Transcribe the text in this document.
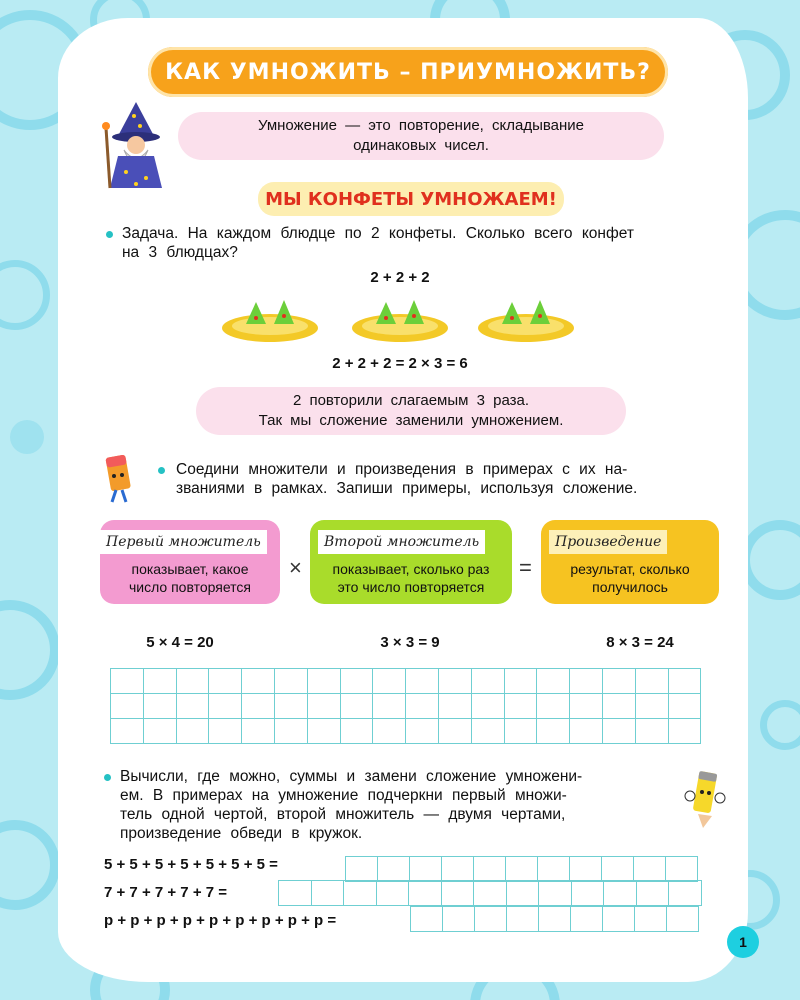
КАК УМНОЖИТЬ – ПРИУМНОЖИТЬ?
Умножение — это повторение, складывание
одинаковых чисел.
МЫ КОНФЕТЫ УМНОЖАЕМ!
Задача. На каждом блюдце по 2 конфеты. Сколько всего конфет
на 3 блюдцах?
2 + 2 + 2
2 + 2 + 2 = 2 × 3 = 6
2 повторили слагаемым 3 раза.
Так мы сложение заменили умножением.
Соедини множители и произведения в примерах с их на-
званиями в рамках. Запиши примеры, используя сложение.
Первый множитель
показывает, какое
число повторяется
×
Второй множитель
показывает, сколько раз
это число повторяется
=
Произведение
результат, сколько
получилось
5 × 4 = 20	3 × 3 = 9	8 × 3 = 24

Вычисли, где можно, суммы и замени сложение умножени-
ем. В примерах на умножение подчеркни первый множи-
тель одной чертой, второй множитель — двумя чертами,
произведение обведи в кружок.
5 + 5 + 5 + 5 + 5 + 5 + 5 =

7 + 7 + 7 + 7 + 7 =

p + p + p + p + p + p + p + p + p =

1
